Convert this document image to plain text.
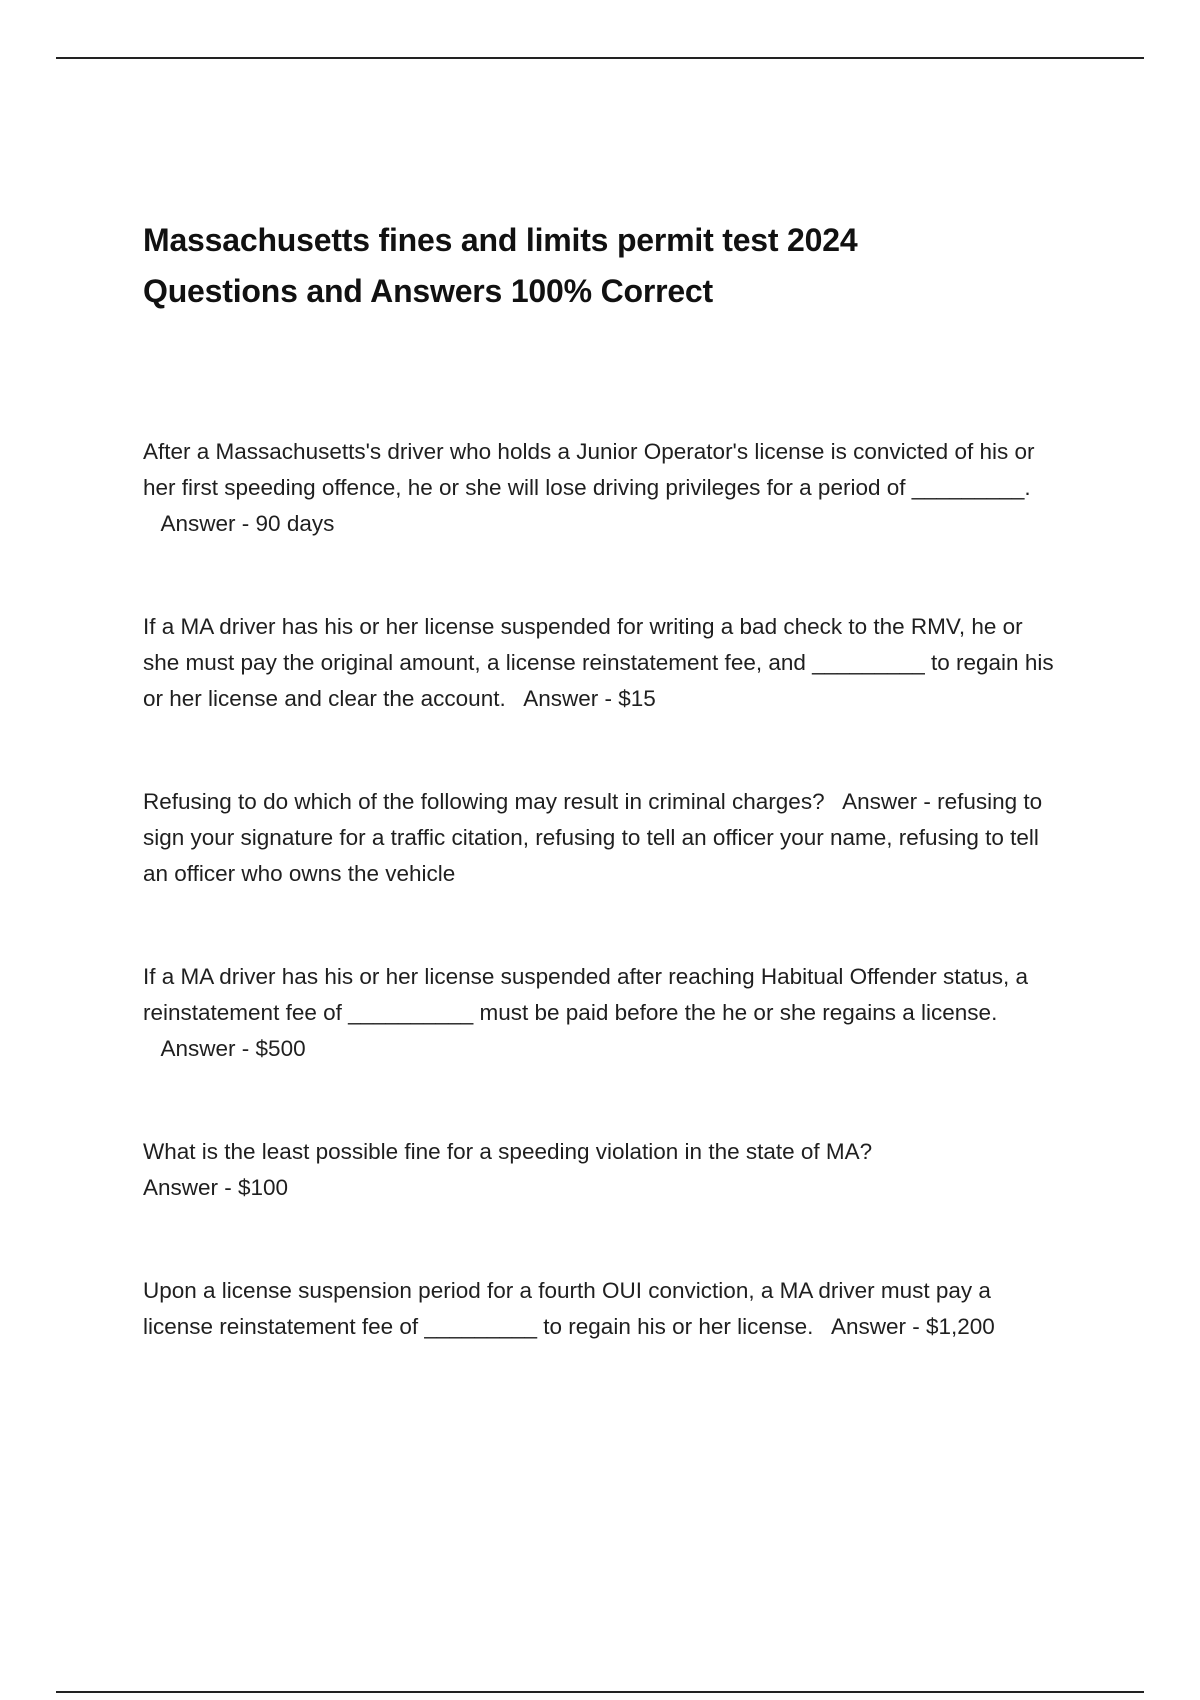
Massachusetts fines and limits permit test 2024
Questions and Answers 100% Correct
After a Massachusetts's driver who holds a Junior Operator's license is convicted of his or her first speeding offence, he or she will lose driving privileges for a period of _________.   Answer - 90 days
If a MA driver has his or her license suspended for writing a bad check to the RMV, he or she must pay the original amount, a license reinstatement fee, and _________ to regain his or her license and clear the account. Answer - $15
Refusing to do which of the following may result in criminal charges? Answer - refusing to sign your signature for a traffic citation, refusing to tell an officer your name, refusing to tell an officer who owns the vehicle
If a MA driver has his or her license suspended after reaching Habitual Offender status, a reinstatement fee of __________ must be paid before the he or she regains a license.   Answer - $500
What is the least possible fine for a speeding violation in the state of MA?
Answer - $100
Upon a license suspension period for a fourth OUI conviction, a MA driver must pay a license reinstatement fee of _________ to regain his or her license. Answer - $1,200
